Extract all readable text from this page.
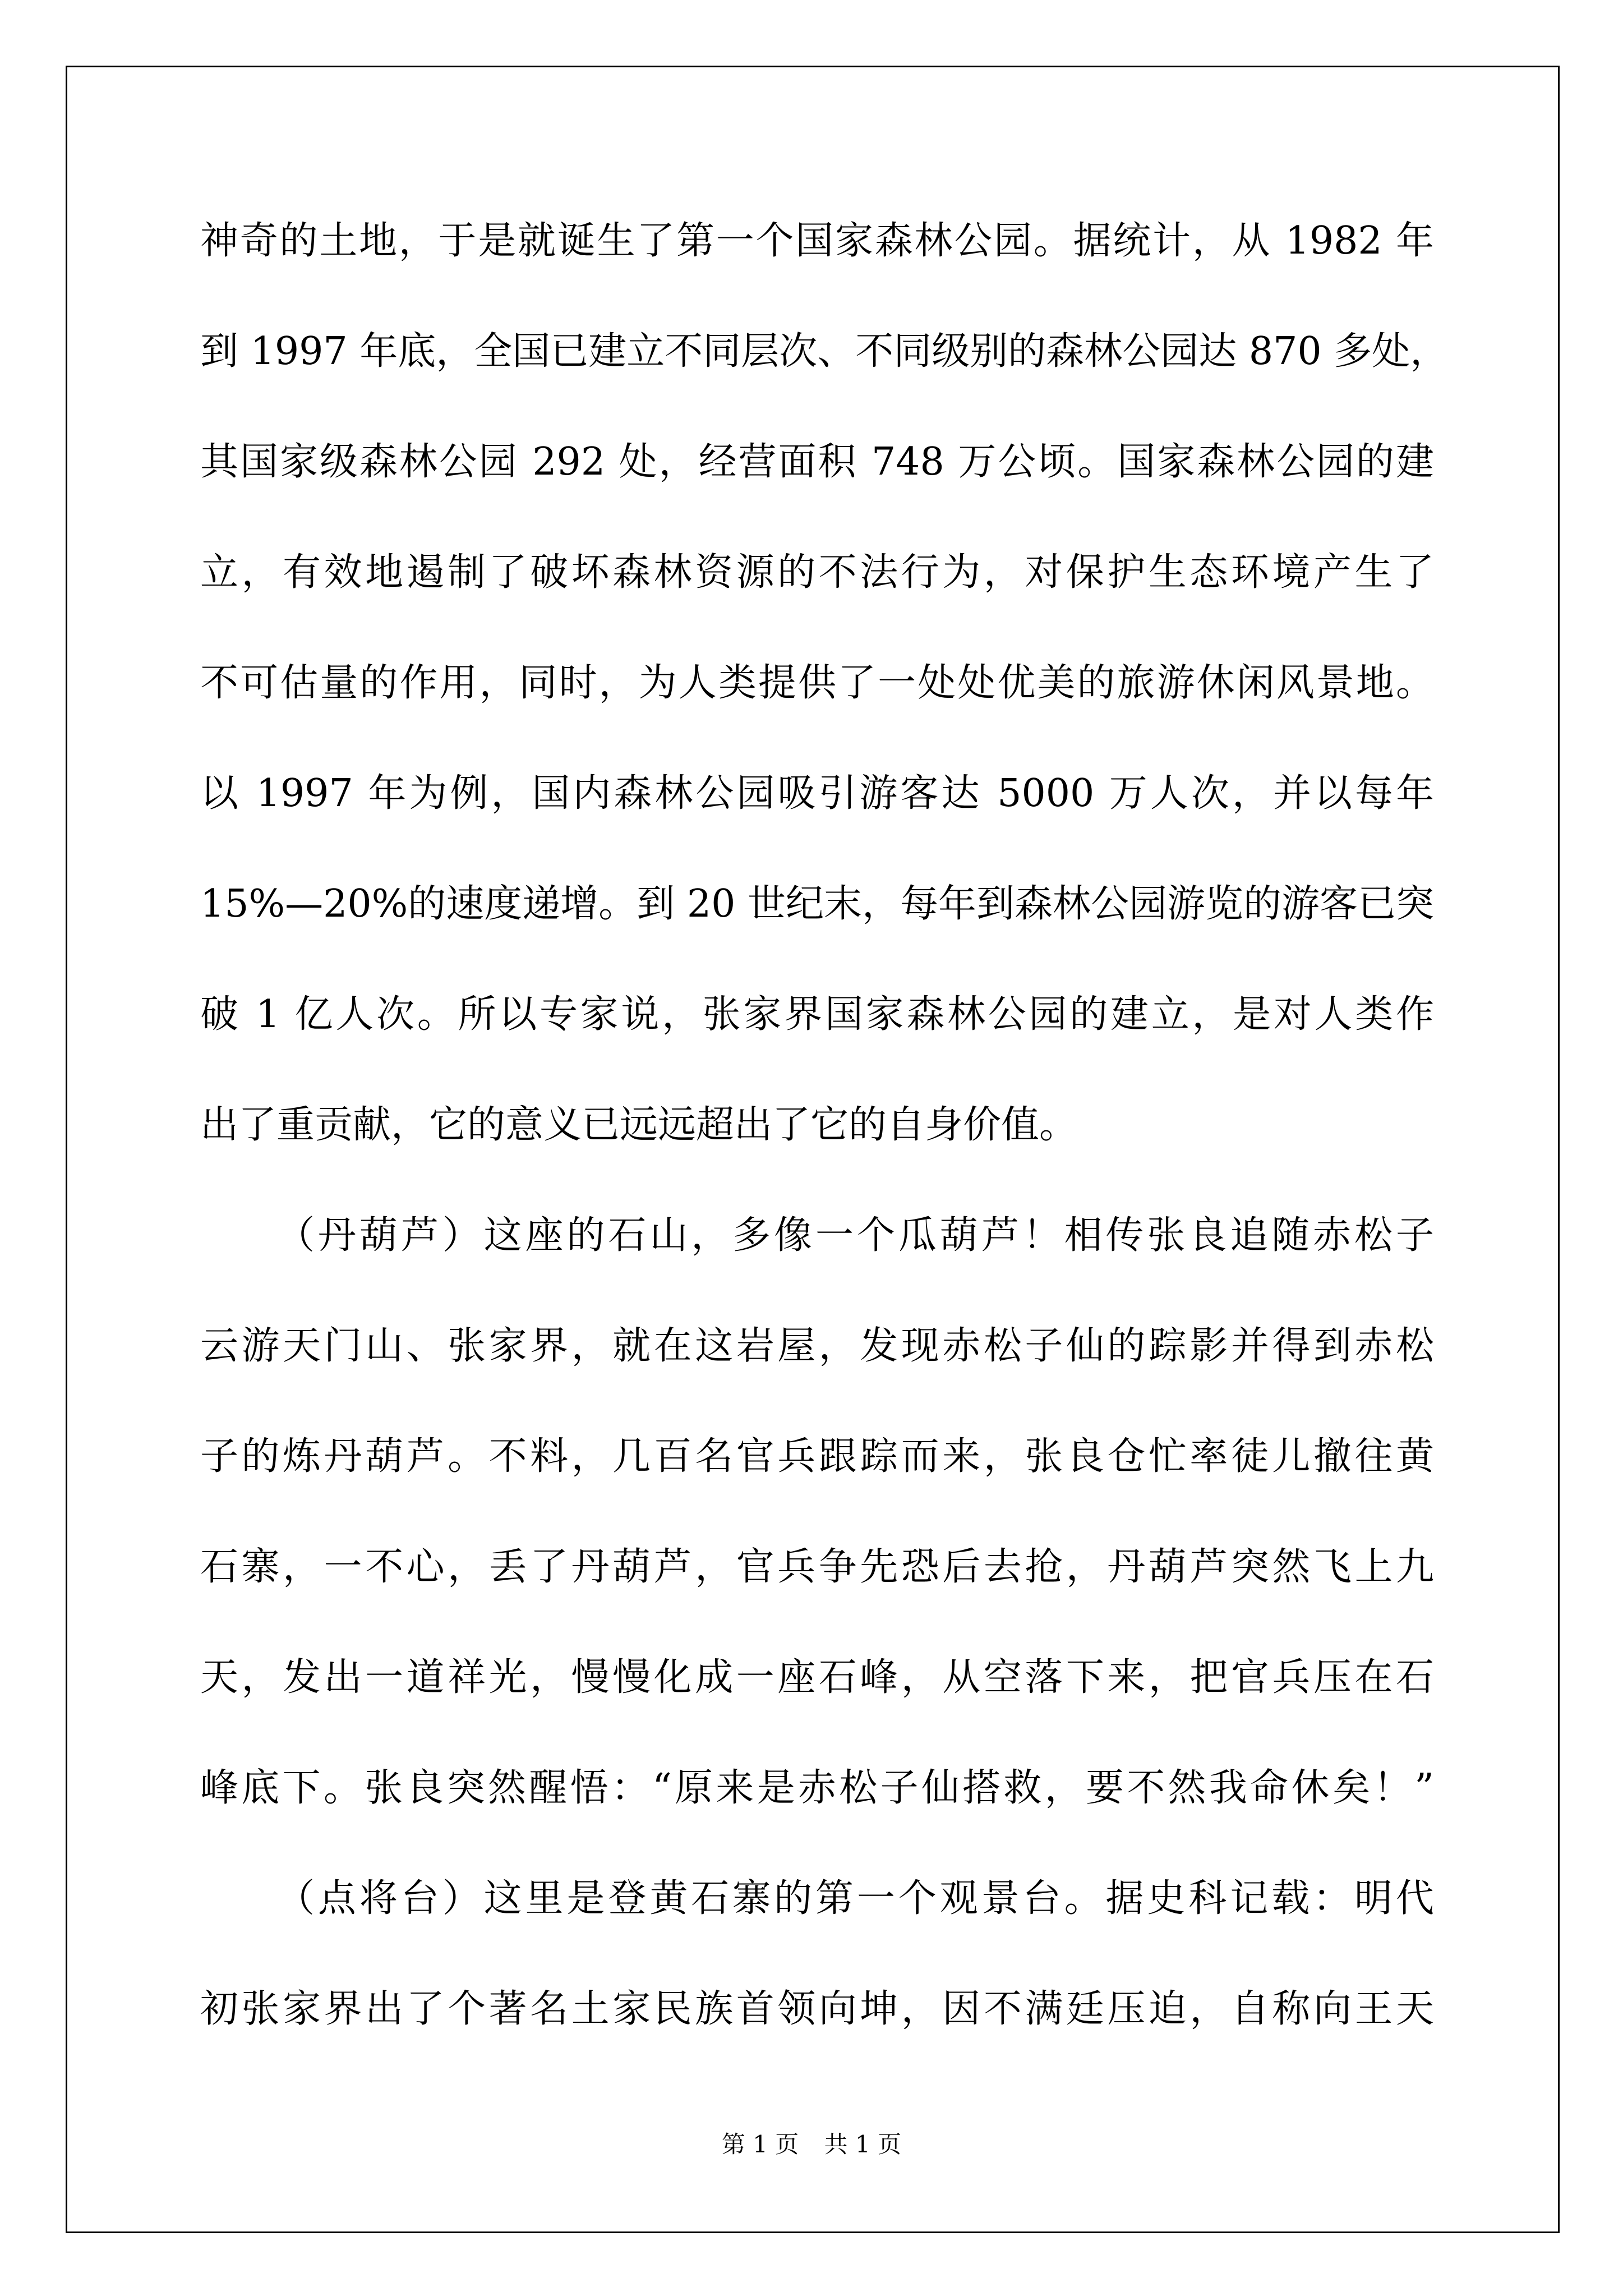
神奇的土地，于是就诞生了第一个国家森林公园。据统计，从 1982 年
到 1997 年底，全国已建立不同层次、不同级别的森林公园达 870 多处，
其国家级森林公园 292 处，经营面积 748 万公顷。国家森林公园的建
立，有效地遏制了破坏森林资源的不法行为，对保护生态环境产生了
不可估量的作用，同时，为人类提供了一处处优美的旅游休闲风景地。
以 1997 年为例，国内森林公园吸引游客达 5000 万人次，并以每年
15%—20%的速度递增。到 20 世纪末，每年到森林公园游览的游客已突
破 1 亿人次。所以专家说，张家界国家森林公园的建立，是对人类作
出了重贡献，它的意义已远远超出了它的自身价值。
（丹葫芦）这座的石山，多像一个瓜葫芦！相传张良追随赤松子
云游天门山、张家界，就在这岩屋，发现赤松子仙的踪影并得到赤松
子的炼丹葫芦。不料，几百名官兵跟踪而来，张良仓忙率徒儿撤往黄
石寨，一不心，丢了丹葫芦，官兵争先恐后去抢，丹葫芦突然飞上九
天，发出一道祥光，慢慢化成一座石峰，从空落下来，把官兵压在石
峰底下。张良突然醒悟：“原来是赤松子仙搭救，要不然我命休矣！”
（点将台）这里是登黄石寨的第一个观景台。据史科记载：明代
初张家界出了个著名土家民族首领向坤，因不满廷压迫，自称向王天
第 1 页 共 1 页
